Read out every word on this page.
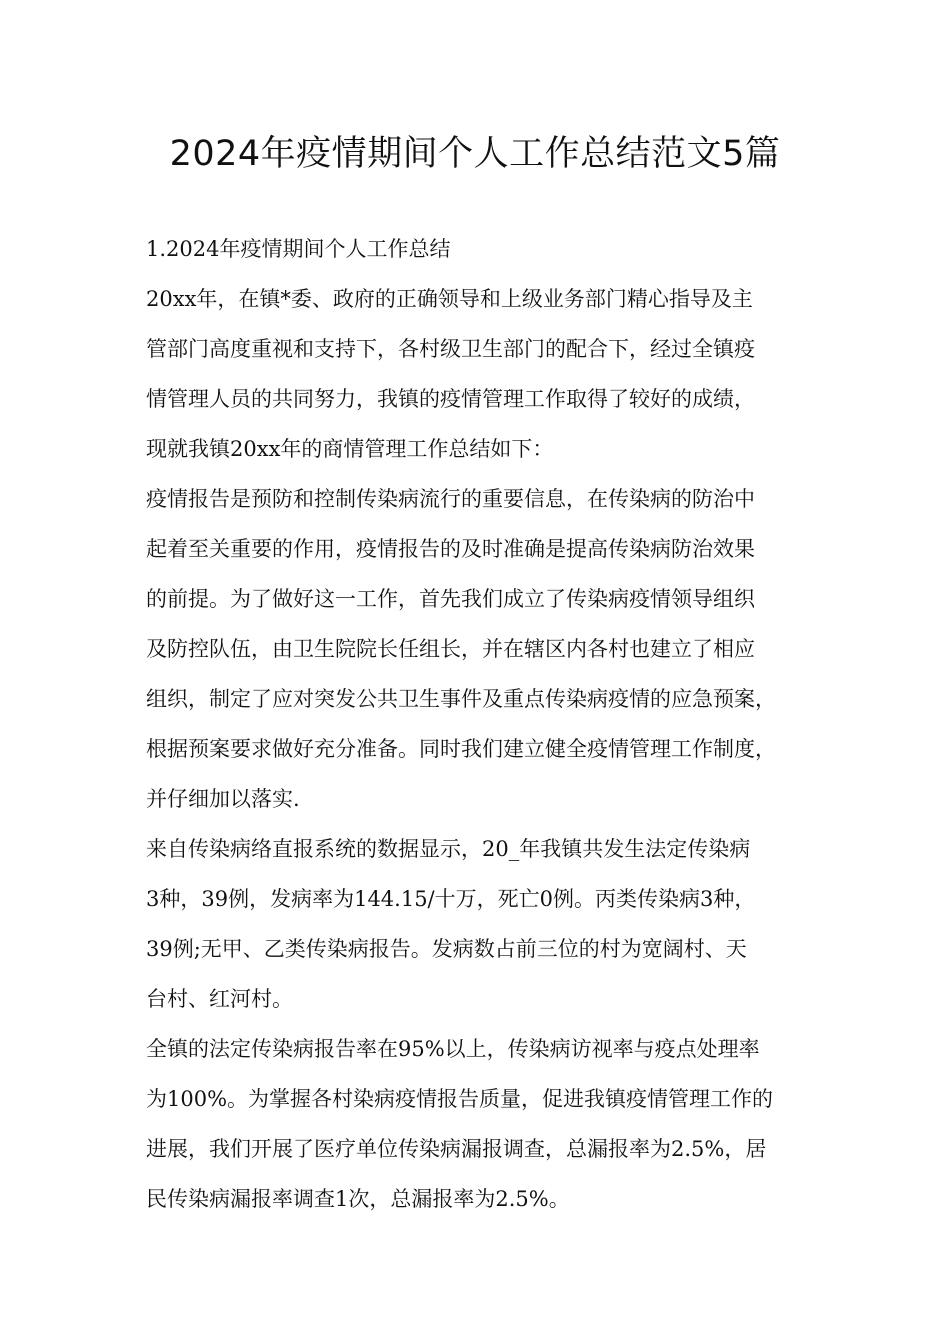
2024年疫情期间个人工作总结范文5篇
1.2024年疫情期间个人工作总结
20xx年，在镇*委、政府的正确领导和上级业务部门精心指导及主
管部门高度重视和支持下，各村级卫生部门的配合下，经过全镇疫
情管理人员的共同努力，我镇的疫情管理工作取得了较好的成绩，
现就我镇20xx年的商情管理工作总结如下：
疫情报告是预防和控制传染病流行的重要信息，在传染病的防治中
起着至关重要的作用，疫情报告的及时准确是提高传染病防治效果
的前提。为了做好这一工作，首先我们成立了传染病疫情领导组织
及防控队伍，由卫生院院长任组长，并在辖区内各村也建立了相应
组织，制定了应对突发公共卫生事件及重点传染病疫情的应急预案，
根据预案要求做好充分准备。同时我们建立健全疫情管理工作制度，
并仔细加以落实.
来自传染病络直报系统的数据显示，20_年我镇共发生法定传染病
3种，39例，发病率为144.15/十万，死亡0例。丙类传染病3种，
39例;无甲、乙类传染病报告。发病数占前三位的村为宽阔村、天
台村、红河村。
全镇的法定传染病报告率在95%以上，传染病访视率与疫点处理率
为100%。为掌握各村染病疫情报告质量，促进我镇疫情管理工作的
进展，我们开展了医疗单位传染病漏报调查，总漏报率为2.5%，居
民传染病漏报率调查1次，总漏报率为2.5%。
